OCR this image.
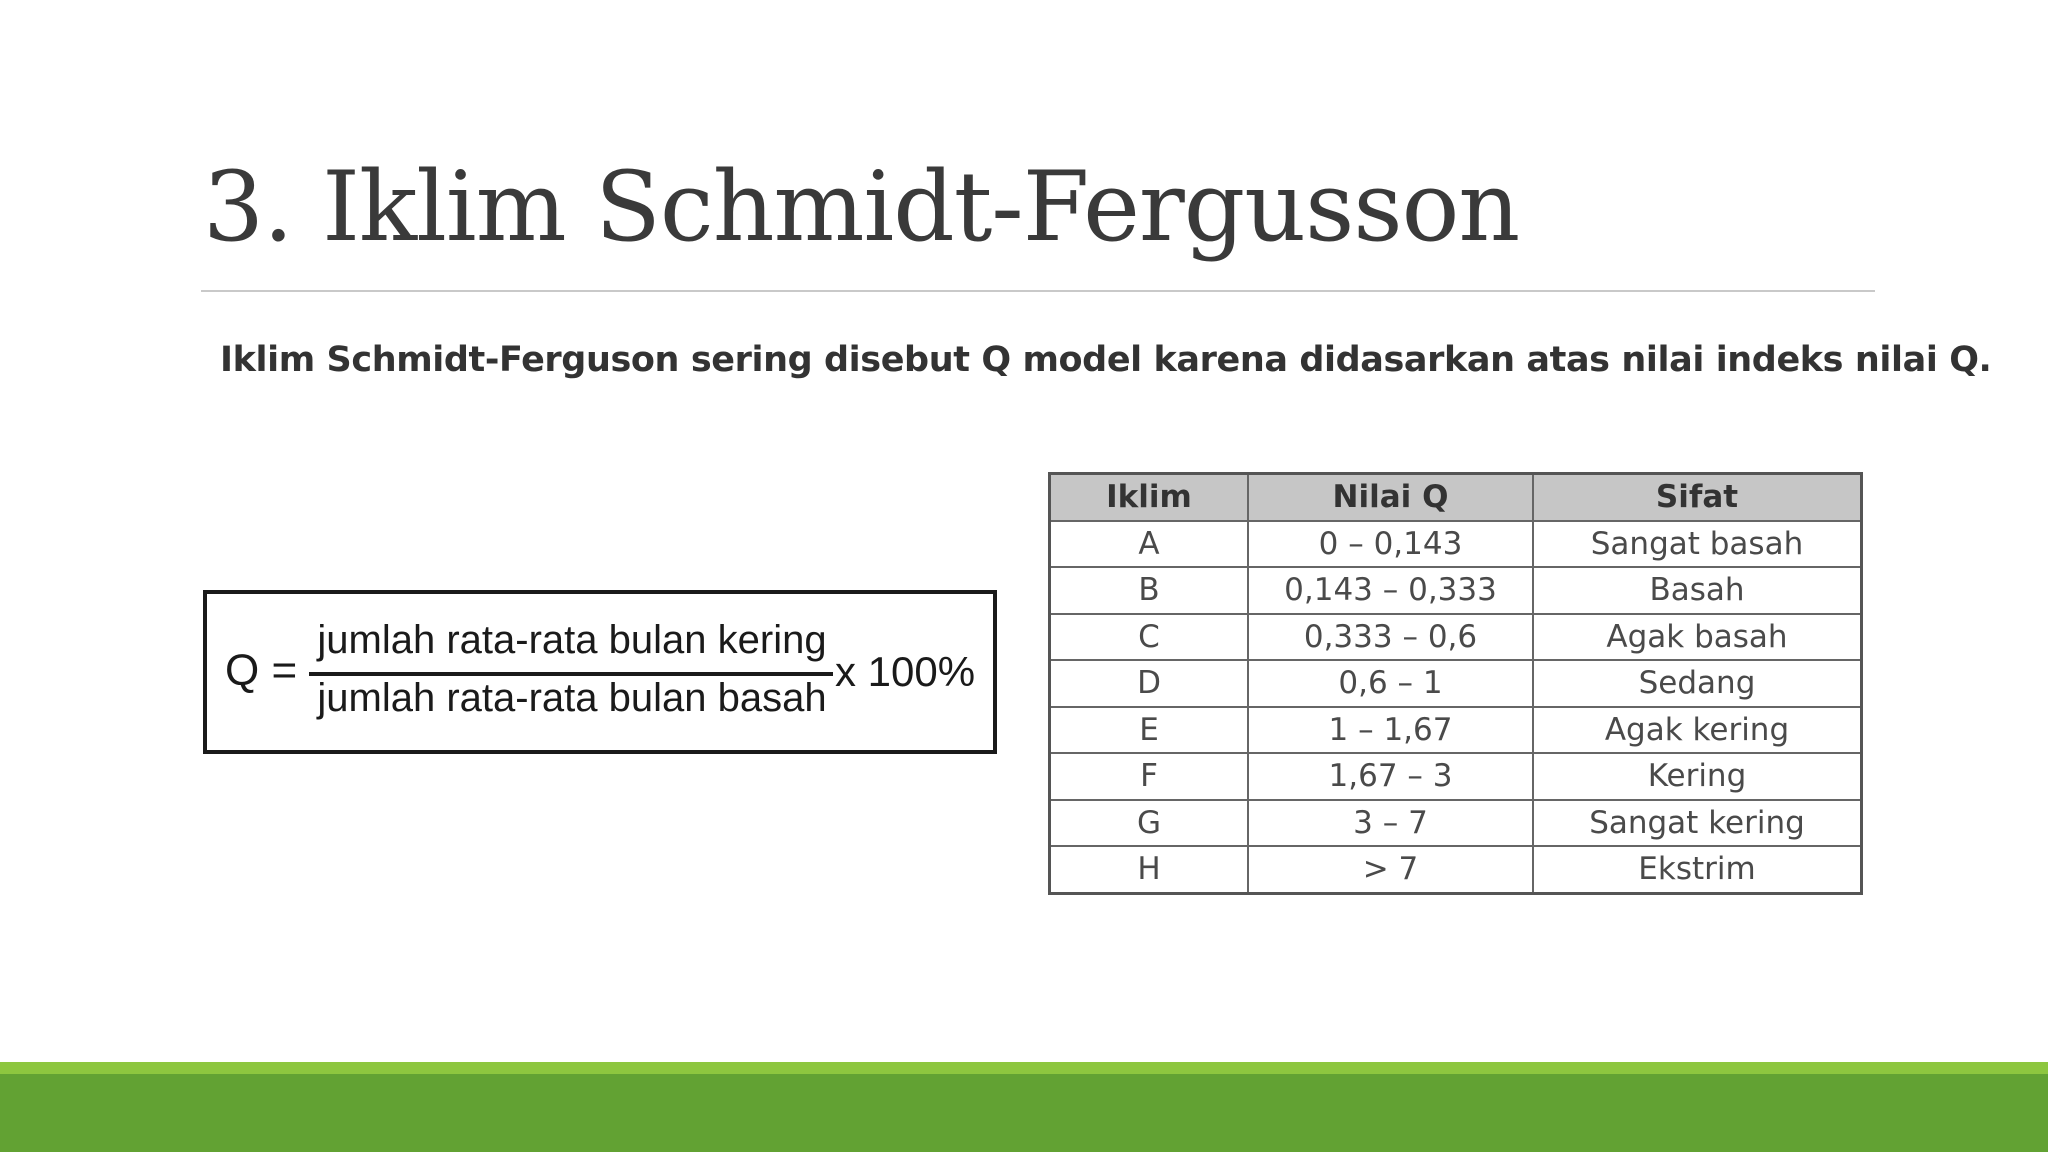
3. Iklim Schmidt-Fergusson
Iklim Schmidt-Ferguson sering disebut Q model karena didasarkan atas nilai indeks nilai Q.
Q =
jumlah rata-rata bulan kering
jumlah rata-rata bulan basah
x 100%
Iklim	Nilai Q	Sifat
A	0 – 0,143	Sangat basah
B	0,143 – 0,333	Basah
C	0,333 – 0,6	Agak basah
D	0,6 – 1	Sedang
E	1 – 1,67	Agak kering
F	1,67 – 3	Kering
G	3 – 7	Sangat kering
H	> 7	Ekstrim
